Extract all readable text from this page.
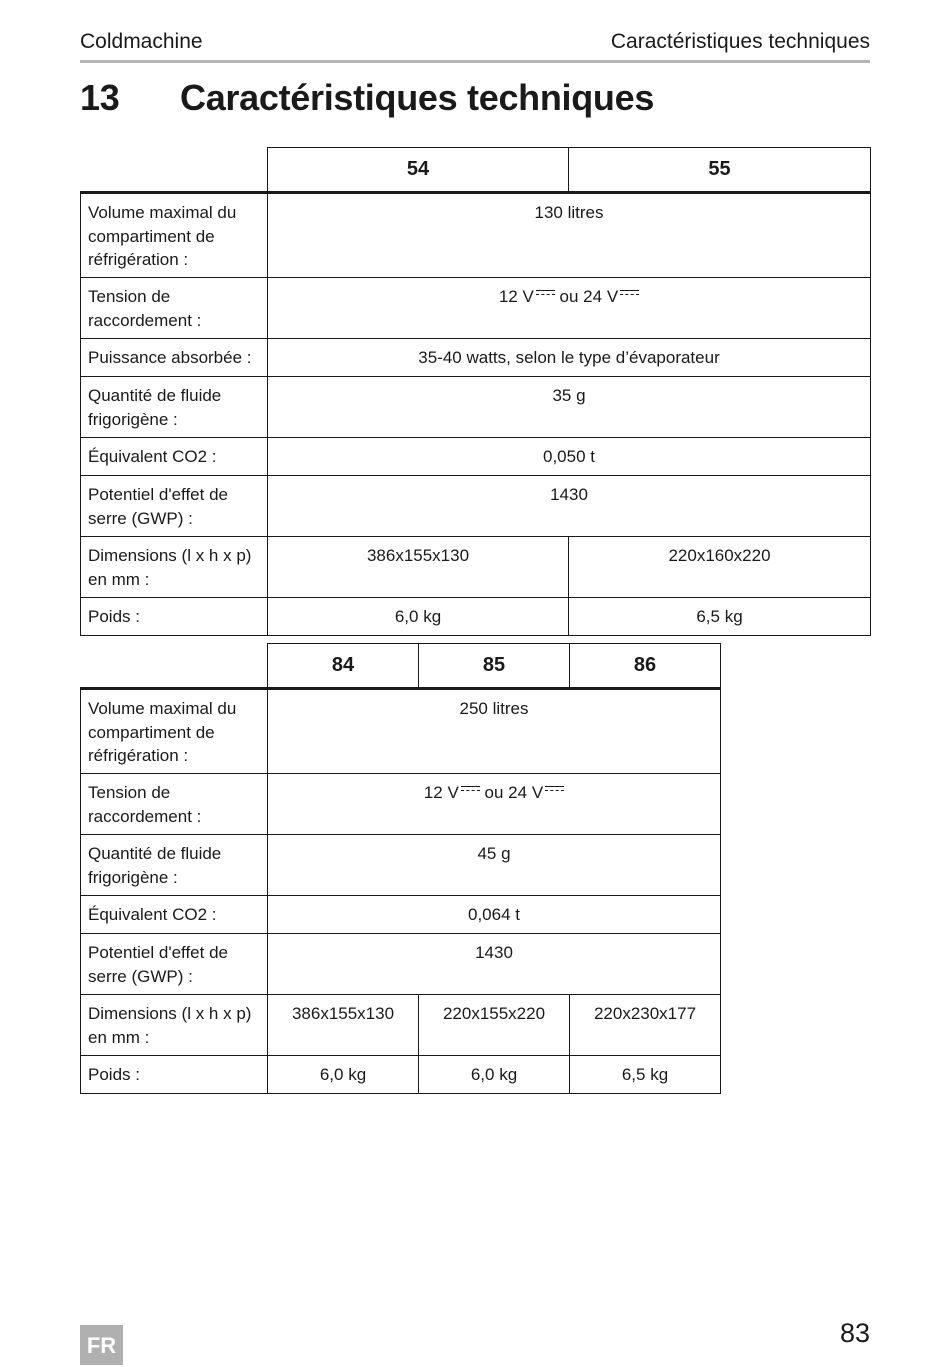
Coldmachine	Caractéristiques techniques
13 Caractéristiques techniques
	54	55
Volume maximal du compartiment de réfrigération :	130 litres	
Tension de raccordement :	12 V ou 24 V	
Puissance absorbée :	35-40 watts, selon le type d’évaporateur	
Quantité de fluide frigorigène :	35 g	
Équivalent CO2 :	0,050 t	
Potentiel d'effet de serre (GWP) :	1430	
Dimensions (l x h x p) en mm :	386x155x130	220x160x220
Poids :	6,0 kg	6,5 kg
	84	85	86
Volume maximal du compartiment de réfrigération :	250 litres		
Tension de raccordement :	12 V ou 24 V		
Quantité de fluide frigorigène :	45 g		
Équivalent CO2 :	0,064 t		
Potentiel d'effet de serre (GWP) :	1430		
Dimensions (l x h x p) en mm :	386x155x130	220x155x220	220x230x177
Poids :	6,0 kg	6,0 kg	6,5 kg
FR	83
